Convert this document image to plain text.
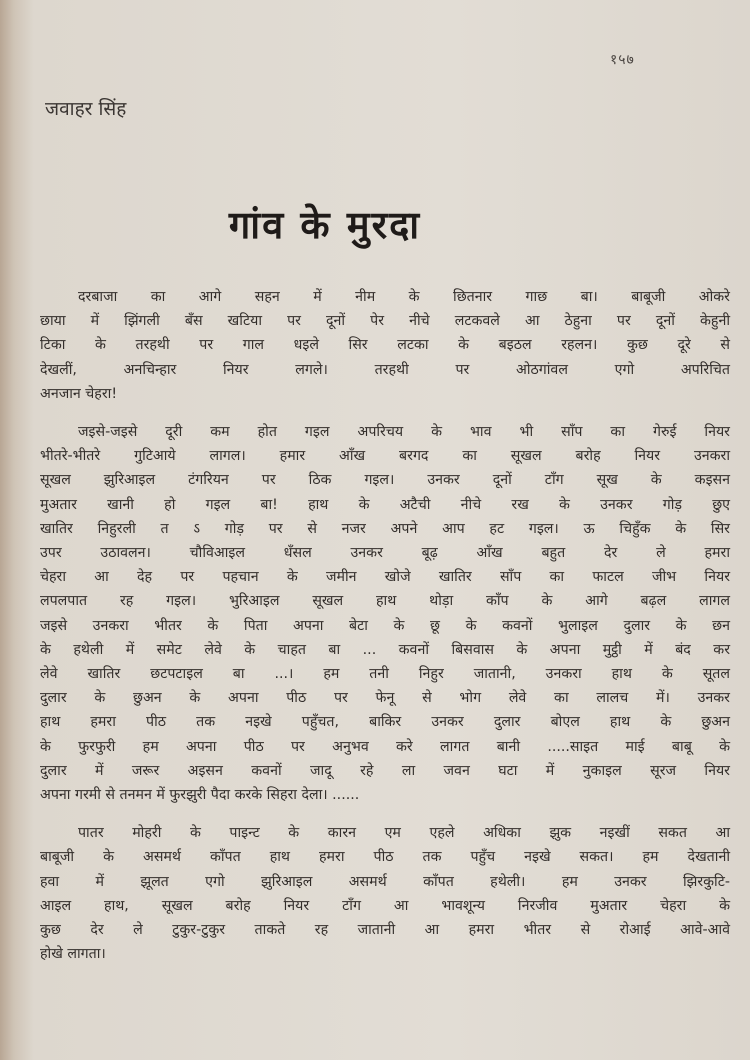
१५७
जवाहर सिंह
गांव के मुरदा
दरबाजा का आगे सहन में नीम के छितनार गाछ बा। बाबूजी ओकरे
छाया में झिंगली बँस खटिया पर दूनों पेर नीचे लटकवले आ ठेहुना पर दूनों केहुनी
टिका के तरहथी पर गाल धइले सिर लटका के बइठल रहलन। कुछ दूरे से
देखलीं, अनचिन्हार नियर लगले। तरहथी पर ओठगांवल एगो अपरिचित
अनजान चेहरा!
जइसे-जइसे दूरी कम होत गइल अपरिचय के भाव भी साँप का गेरुई नियर
भीतरे-भीतरे गुटिआये लागल। हमार आँख बरगद का सूखल बरोह नियर उनकरा
सूखल झुरिआइल टंगरियन पर ठिक गइल। उनकर दूनों टाँग सूख के कइसन
मुअतार खानी हो गइल बा! हाथ के अटैची नीचे रख के उनकर गोड़ छुए
खातिर निहुरली त ऽ गोड़ पर से नजर अपने आप हट गइल। ऊ चिहुँक के सिर
उपर उठावलन। चौविआइल धँसल उनकर बूढ़ आँख बहुत देर ले हमरा
चेहरा आ देह पर पहचान के जमीन खोजे खातिर साँप का फाटल जीभ नियर
लपलपात रह गइल। भुरिआइल सूखल हाथ थोड़ा काँप के आगे बढ़ल लागल
जइसे उनकरा भीतर के पिता अपना बेटा के छू के कवनों भुलाइल दुलार के छन
के हथेली में समेट लेवे के चाहत बा ... कवनों बिसवास के अपना मुट्ठी में बंद कर
लेवे खातिर छटपटाइल बा ...। हम तनी निहुर जातानी, उनकरा हाथ के सूतल
दुलार के छुअन के अपना पीठ पर फेनू से भोग लेवे का लालच में। उनकर
हाथ हमरा पीठ तक नइखे पहुँचत, बाकिर उनकर दुलार बोएल हाथ के छुअन
के फुरफुरी हम अपना पीठ पर अनुभव करे लागत बानी .....साइत माई बाबू के
दुलार में जरूर अइसन कवनों जादू रहे ला जवन घटा में नुकाइल सूरज नियर
अपना गरमी से तनमन में फुरझुरी पैदा करके सिहरा देला। ......
पातर मोहरी के पाइन्ट के कारन एम एहले अधिका झुक नइखीं सकत आ
बाबूजी के असमर्थ काँपत हाथ हमरा पीठ तक पहुँच नइखे सकत। हम देखतानी
हवा में झूलत एगो झुरिआइल असमर्थ काँपत हथेली। हम उनकर झिरकुटि-
आइल हाथ, सूखल बरोह नियर टाँग आ भावशून्य निरजीव मुअतार चेहरा के
कुछ देर ले टुकुर-टुकुर ताकते रह जातानी आ हमरा भीतर से रोआई आवे-आवे
होखे लागता।
